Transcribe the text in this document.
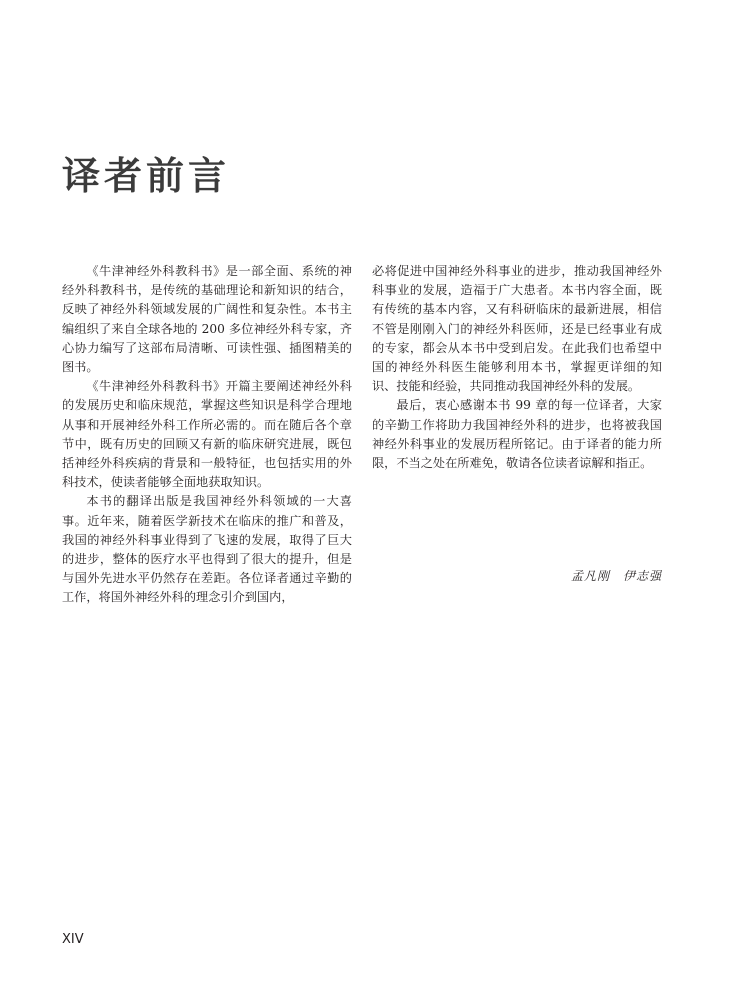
译者前言

《牛津神经外科教科书》是一部全面、系统的神经外科教科书，是传统的基础理论和新知识的结合，反映了神经外科领域发展的广阔性和复杂性。本书主编组织了来自全球各地的 200 多位神经外科专家，齐心协力编写了这部布局清晰、可读性强、插图精美的图书。

《牛津神经外科教科书》开篇主要阐述神经外科的发展历史和临床规范，掌握这些知识是科学合理地从事和开展神经外科工作所必需的。而在随后各个章节中，既有历史的回顾又有新的临床研究进展，既包括神经外科疾病的背景和一般特征，也包括实用的外科技术，使读者能够全面地获取知识。

本书的翻译出版是我国神经外科领域的一大喜事。近年来，随着医学新技术在临床的推广和普及，我国的神经外科事业得到了飞速的发展，取得了巨大的进步，整体的医疗水平也得到了很大的提升，但是与国外先进水平仍然存在差距。各位译者通过辛勤的工作，将国外神经外科的理念引介到国内，

必将促进中国神经外科事业的进步，推动我国神经外科事业的发展，造福于广大患者。本书内容全面，既有传统的基本内容，又有科研临床的最新进展，相信不管是刚刚入门的神经外科医师，还是已经事业有成的专家，都会从本书中受到启发。在此我们也希望中国的神经外科医生能够利用本书，掌握更详细的知识、技能和经验，共同推动我国神经外科的发展。

最后，衷心感谢本书 99 章的每一位译者，大家的辛勤工作将助力我国神经外科的进步，也将被我国神经外科事业的发展历程所铭记。由于译者的能力所限，不当之处在所难免，敬请各位读者谅解和指正。

孟凡刚　伊志强
XIV
